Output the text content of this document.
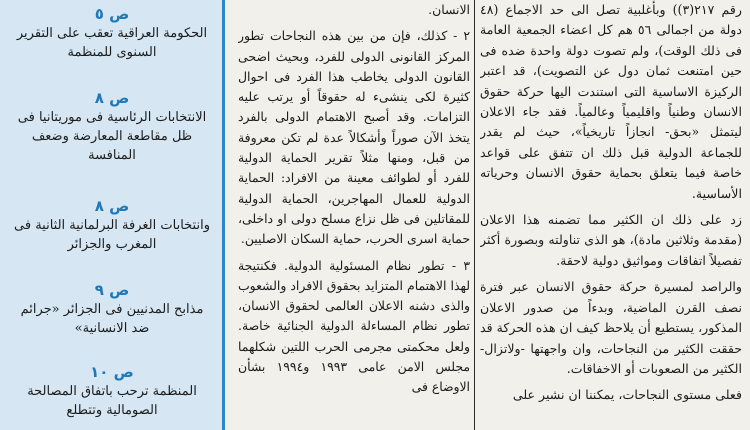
رقم ٢١٧(٣)) وبأغلبية تصل الى حد الاجماع (٤٨ دولة من اجمالى ٥٦ هم كل اعضاء الجمعية العامة فى ذلك الوقت)، ولم تصوت دولة واحدة ضده فى حين امتنعت ثمان دول عن التصويت)، قد اعتبر الركيزة الاساسية التى استندت اليها حركة حقوق الانسان وطنياً واقليمياً وعالمياً. فقد جاء الاعلان ليتمثل «بحق- انجازاً تاريخياً»، حيث لم يقدر للجماعة الدولية قبل ذلك ان تتفق على قواعد خاصة فيما يتعلق بحماية حقوق الانسان وحرياته الأساسية.

زد على ذلك ان الكثير مما تضمنه هذا الاعلان (مقدمة وثلاثين مادة)، هو الذى تناولته وبصورة أكثر تفصيلاً اتفاقات ومواثيق دولية لاحقة.

والراصد لمسيرة حركة حقوق الانسان عبر فترة نصف القرن الماضية، وبدءاً من صدور الاعلان المذكور، يستطيع أن يلاحظ كيف ان هذه الحركة قد حققت الكثير من النجاحات، وان واجهتها -ولاتزال- الكثير من الصعوبات أو الاخفاقات.

فعلى مستوى النجاحات، يمكننا ان نشير على

الانسان.

٢ - كذلك، فإن من بين هذه النجاحات تطور المركز القانونى الدولى للفرد، وبحيث اضحى القانون الدولى يخاطب هذا الفرد فى احوال كثيرة لكى ينشىء له حقوقاً أو يرتب عليه التزامات. وقد أصبح الاهتمام الدولى بالفرد يتخذ الآن صوراً وأشكالاً عدة لم تكن معروفة من قبل، ومنها مثلاً تقرير الحماية الدولية للفرد أو لطوائف معينة من الافراد: الحماية الدولية للعمال المهاجرين، الحماية الدولية للمقاتلين فى ظل نزاع مسلح دولى او داخلى، حماية اسرى الحرب، حماية السكان الاصليين.

٣ - تطور نظام المسئولية الدولية. فكنتيجة لهذا الاهتمام المتزايد بحقوق الافراد والشعوب والذى دشنه الاعلان العالمى لحقوق الانسان، تطور نظام المساءلة الدولية الجنائية خاصة. ولعل محكمتى مجرمى الحرب اللتين شكلهما مجلس الامن عامى ١٩٩٣ و١٩٩٤ بشأن الاوضاع فى

ص ٥
الحكومة العراقية تعقب على التقرير السنوى للمنظمة
ص ٨
الانتخابات الرئاسية فى موريتانيا فى ظل مقاطعة المعارضة وضعف المنافسة
ص ٨
وانتخابات الغرفة البرلمانية الثانية فى المغرب والجزائر
ص ٩
مذابح المدنيين فى الجزائر «جرائم ضد الانسانية»
ص ١٠
المنظمة ترحب باتفاق المصالحة الصومالية وتتطلع
